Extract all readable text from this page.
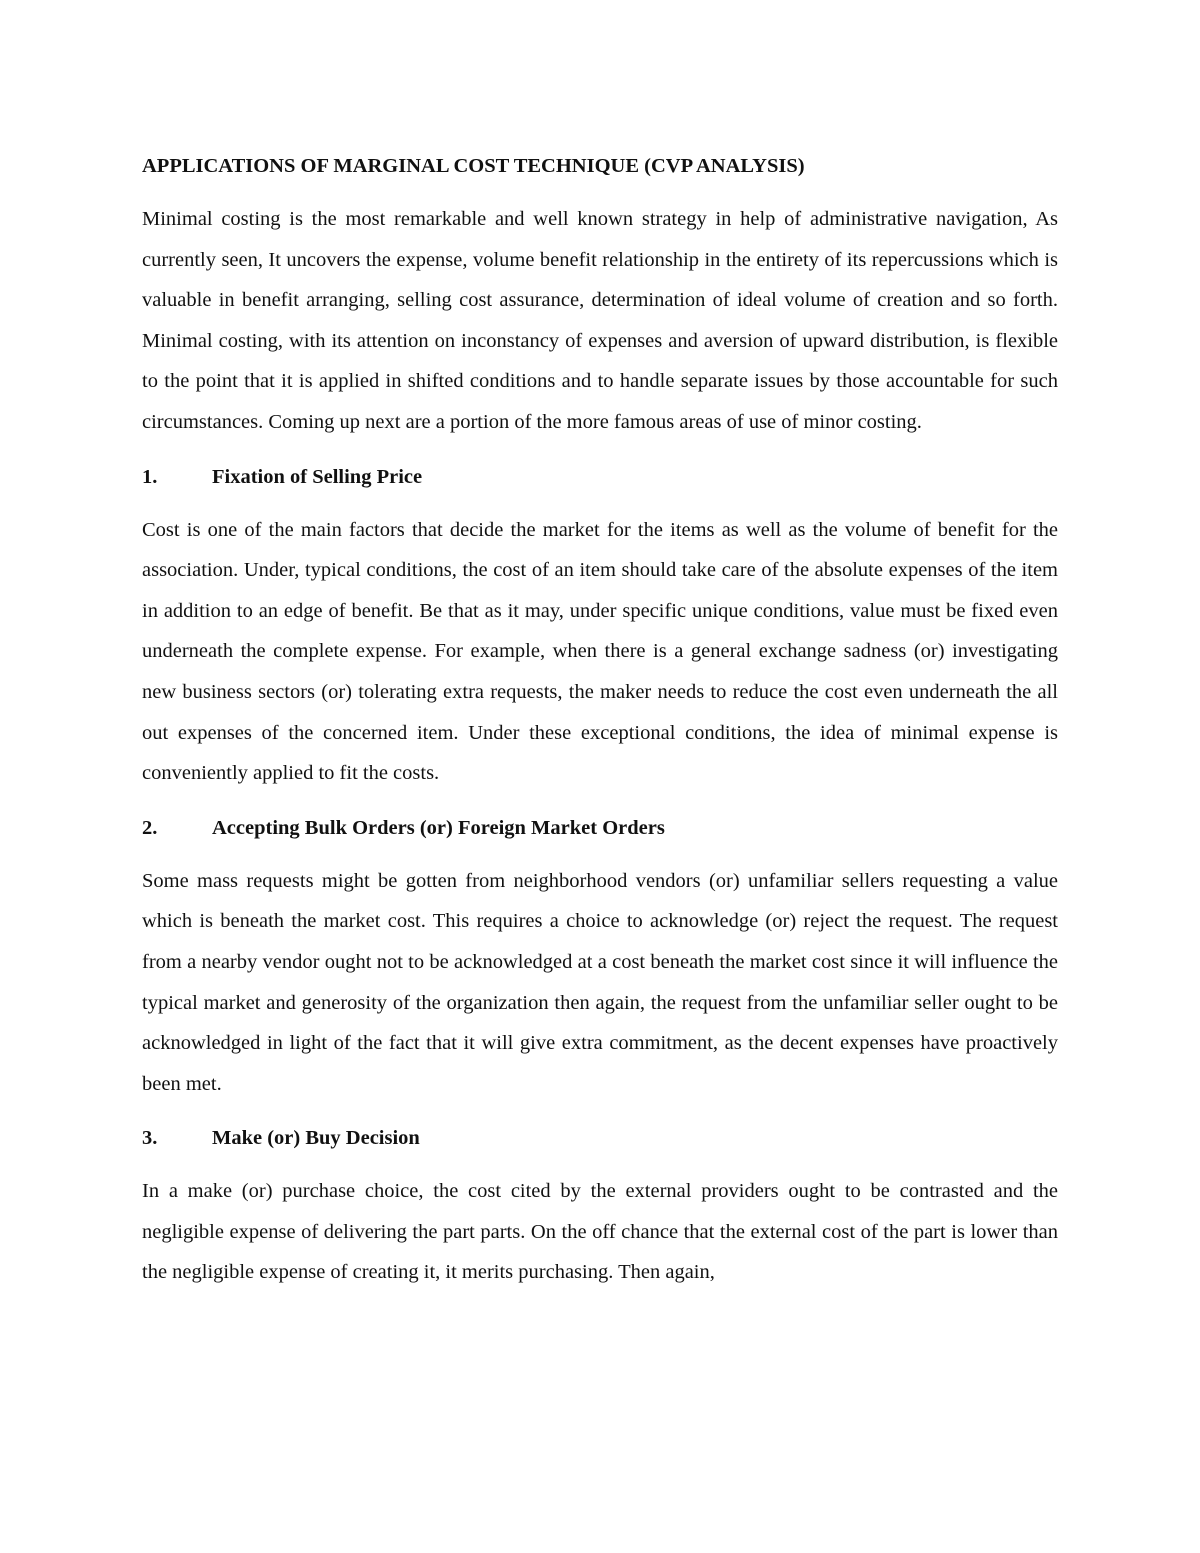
APPLICATIONS OF MARGINAL COST TECHNIQUE (CVP ANALYSIS)

Minimal costing is the most remarkable and well known strategy in help of administrative navigation, As currently seen, It uncovers the expense, volume benefit relationship in the entirety of its repercussions which is valuable in benefit arranging, selling cost assurance, determination of ideal volume of creation and so forth. Minimal costing, with its attention on inconstancy of expenses and aversion of upward distribution, is flexible to the point that it is applied in shifted conditions and to handle separate issues by those accountable for such circumstances. Coming up next are a portion of the more famous areas of use of minor costing.

1.	Fixation of Selling Price

Cost is one of the main factors that decide the market for the items as well as the volume of benefit for the association. Under, typical conditions, the cost of an item should take care of the absolute expenses of the item in addition to an edge of benefit. Be that as it may, under specific unique conditions, value must be fixed even underneath the complete expense. For example, when there is a general exchange sadness (or) investigating new business sectors (or) tolerating extra requests, the maker needs to reduce the cost even underneath the all out expenses of the concerned item. Under these exceptional conditions, the idea of minimal expense is conveniently applied to fit the costs.

2.	Accepting Bulk Orders (or) Foreign Market Orders

Some mass requests might be gotten from neighborhood vendors (or) unfamiliar sellers requesting a value which is beneath the market cost. This requires a choice to acknowledge (or) reject the request. The request from a nearby vendor ought not to be acknowledged at a cost beneath the market cost since it will influence the typical market and generosity of the organization then again, the request from the unfamiliar seller ought to be acknowledged in light of the fact that it will give extra commitment, as the decent expenses have proactively been met.

3.	Make (or) Buy Decision

In a make (or) purchase choice, the cost cited by the external providers ought to be contrasted and the negligible expense of delivering the part parts. On the off chance that the external cost of the part is lower than the negligible expense of creating it, it merits purchasing. Then again,
